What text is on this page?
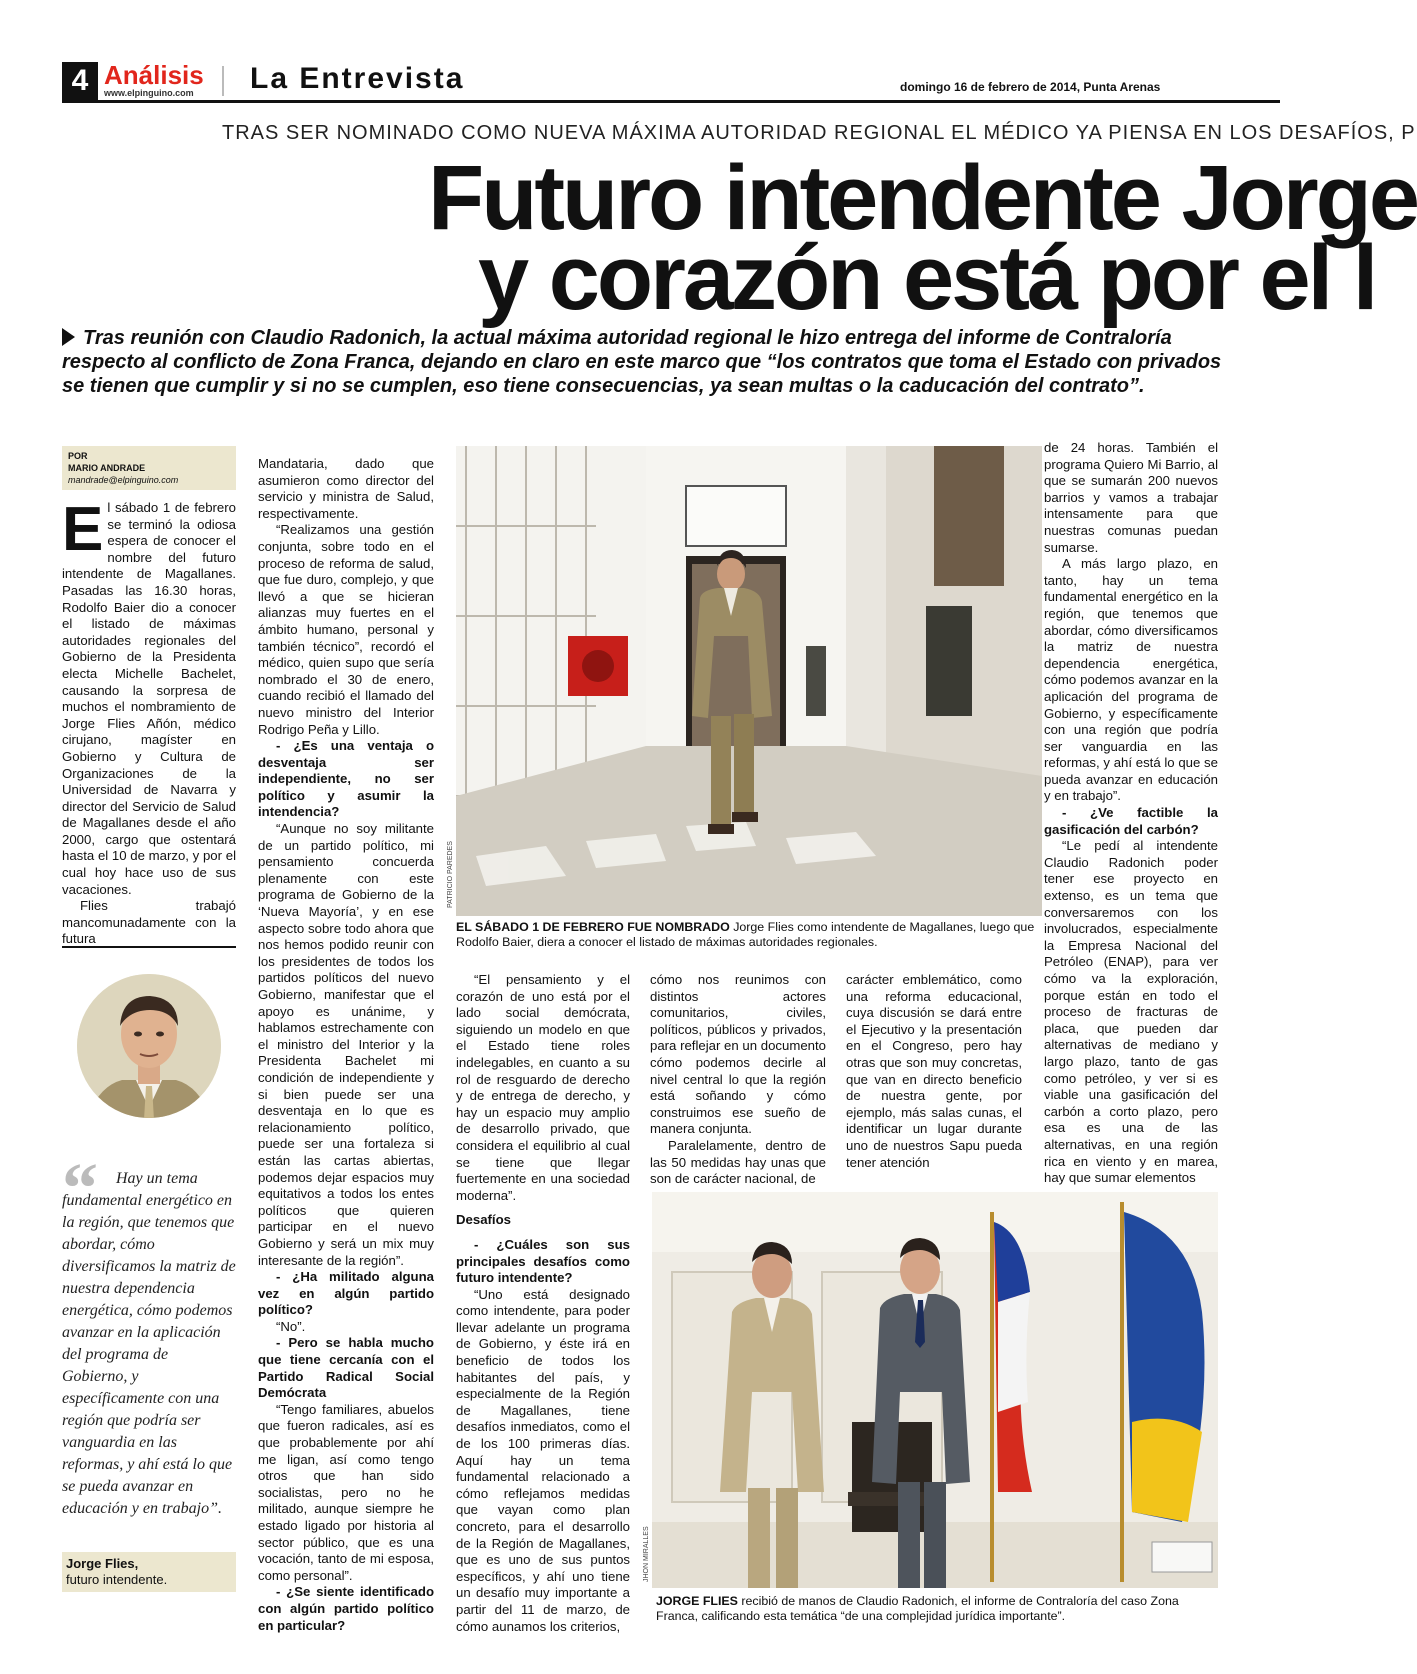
4 Análisis
www.elpinguino.com La Entrevista	domingo 16 de febrero de 2014, Punta Arenas
TRAS SER NOMINADO COMO NUEVA MÁXIMA AUTORIDAD REGIONAL EL MÉDICO YA PIENSA EN LOS DESAFÍOS, P
Futuro intendente Jorge
y corazón está por el l
Tras reunión con Claudio Radonich, la actual máxima autoridad regional le hizo entrega del informe de Contraloría respecto al conflicto de Zona Franca, dejando en claro en este marco que “los contratos que toma el Estado con privados se tienen que cumplir y si no se cumplen, eso tiene consecuencias, ya sean multas o la caducación del contrato”.
POR
MARIO ANDRADE
mandrade@elpinguino.com

El sábado 1 de febrero se terminó la odiosa espera de conocer el nombre del futuro intendente de Magallanes. Pasadas las 16.30 horas, Rodolfo Baier dio a conocer el listado de máximas autoridades regionales del Gobierno de la Presidenta electa Michelle Bachelet, causando la sorpresa de muchos el nombramiento de Jorge Flies Añón, médico cirujano, magíster en Gobierno y Cultura de Organizaciones de la Universidad de Navarra y director del Servicio de Salud de Magallanes desde el año 2000, cargo que ostentará hasta el 10 de marzo, y por el cual hoy hace uso de sus vacaciones.

Flies trabajó mancomunadamente con la futura

“	Hay un tema fundamental energético en la región, que tenemos que abordar, cómo diversificamos la matriz de nuestra dependencia energética, cómo podemos avanzar en la aplicación del programa de Gobierno, y específicamente con una región que podría ser vanguardia en las reformas, y ahí está lo que se pueda avanzar en educación y en trabajo”.
Jorge Flies,
futuro intendente.

Mandataria, dado que asumieron como director del servicio y ministra de Salud, respectivamente.

“Realizamos una gestión conjunta, sobre todo en el proceso de reforma de salud, que fue duro, complejo, y que llevó a que se hicieran alianzas muy fuertes en el ámbito humano, personal y también técnico”, recordó el médico, quien supo que sería nombrado el 30 de enero, cuando recibió el llamado del nuevo ministro del Interior Rodrigo Peña y Lillo.

- ¿Es una ventaja o desventaja ser independiente, no ser político y asumir la intendencia?

“Aunque no soy militante de un partido político, mi pensamiento concuerda plenamente con este programa de Gobierno de la ‘Nueva Mayoría’, y en ese aspecto sobre todo ahora que nos hemos podido reunir con los presidentes de todos los partidos políticos del nuevo Gobierno, manifestar que el apoyo es unánime, y hablamos estrechamente con el ministro del Interior y la Presidenta Bachelet mi condición de independiente y si bien puede ser una desventaja en lo que es relacionamiento político, puede ser una fortaleza si están las cartas abiertas, podemos dejar espacios muy equitativos a todos los entes políticos que quieren participar en el nuevo Gobierno y será un mix muy interesante de la región”.

- ¿Ha militado alguna vez en algún partido político?

“No”.

- Pero se habla mucho que tiene cercanía con el Partido Radical Social Demócrata

“Tengo familiares, abuelos que fueron radicales, así es que probablemente por ahí me ligan, así como tengo otros que han sido socialistas, pero no he militado, aunque siempre he estado ligado por historia al sector público, que es una vocación, tanto de mi esposa, como personal”.

- ¿Se siente identificado con algún partido político en particular?

PATRICIO PAREDES
EL SÁBADO 1 DE FEBRERO FUE NOMBRADO Jorge Flies como intendente de Magallanes, luego que Rodolfo Baier, diera a conocer el listado de máximas autoridades regionales.

de 24 horas. También el programa Quiero Mi Barrio, al que se sumarán 200 nuevos barrios y vamos a trabajar intensamente para que nuestras comunas puedan sumarse.

A más largo plazo, en tanto, hay un tema fundamental energético en la región, que tenemos que abordar, cómo diversificamos la matriz de nuestra dependencia energética, cómo podemos avanzar en la aplicación del programa de Gobierno, y específicamente con una región que podría ser vanguardia en las reformas, y ahí está lo que se pueda avanzar en educación y en trabajo”.

- ¿Ve factible la gasificación del carbón?

“Le pedí al intendente Claudio Radonich poder tener ese proyecto en extenso, es un tema que conversaremos con los involucrados, especialmente la Empresa Nacional del Petróleo (ENAP), para ver cómo va la exploración, porque están en todo el proceso de fracturas de placa, que pueden dar alternativas de mediano y largo plazo, tanto de gas como petróleo, y ver si es viable una gasificación del carbón a corto plazo, pero esa es una de las alternativas, en una región rica en viento y en marea, hay que sumar elementos

“El pensamiento y el corazón de uno está por el lado social demócrata, siguiendo un modelo en que el Estado tiene roles indelegables, en cuanto a su rol de resguardo de derecho y de entrega de derecho, y hay un espacio muy amplio de desarrollo privado, que considera el equilibrio al cual se tiene que llegar fuertemente en una sociedad moderna”.

Desafíos

- ¿Cuáles son sus principales desafíos como futuro intendente?

“Uno está designado como intendente, para poder llevar adelante un programa de Gobierno, y éste irá en beneficio de todos los habitantes del país, y especialmente de la Región de Magallanes, tiene desafíos inmediatos, como el de los 100 primeras días. Aquí hay un tema fundamental relacionado a cómo reflejamos medidas que vayan como plan concreto, para el desarrollo de la Región de Magallanes, que es uno de sus puntos específicos, y ahí uno tiene un desafío muy importante a partir del 11 de marzo, de cómo aunamos los criterios,

cómo nos reunimos con distintos actores comunitarios, civiles, políticos, públicos y privados, para reflejar en un documento cómo podemos decirle al nivel central lo que la región está soñando y cómo construimos ese sueño de manera conjunta.

Paralelamente, dentro de las 50 medidas hay unas que son de carácter nacional, de

carácter emblemático, como una reforma educacional, cuya discusión se dará entre el Ejecutivo y la presentación en el Congreso, pero hay otras que son muy concretas, que van en directo beneficio de nuestra gente, por ejemplo, más salas cunas, el identificar un lugar durante uno de nuestros Sapu pueda tener atención

JHON MIRALLES
JORGE FLIES recibió de manos de Claudio Radonich, el informe de Contraloría del caso Zona Franca, calificando esta temática “de una complejidad jurídica importante”.
